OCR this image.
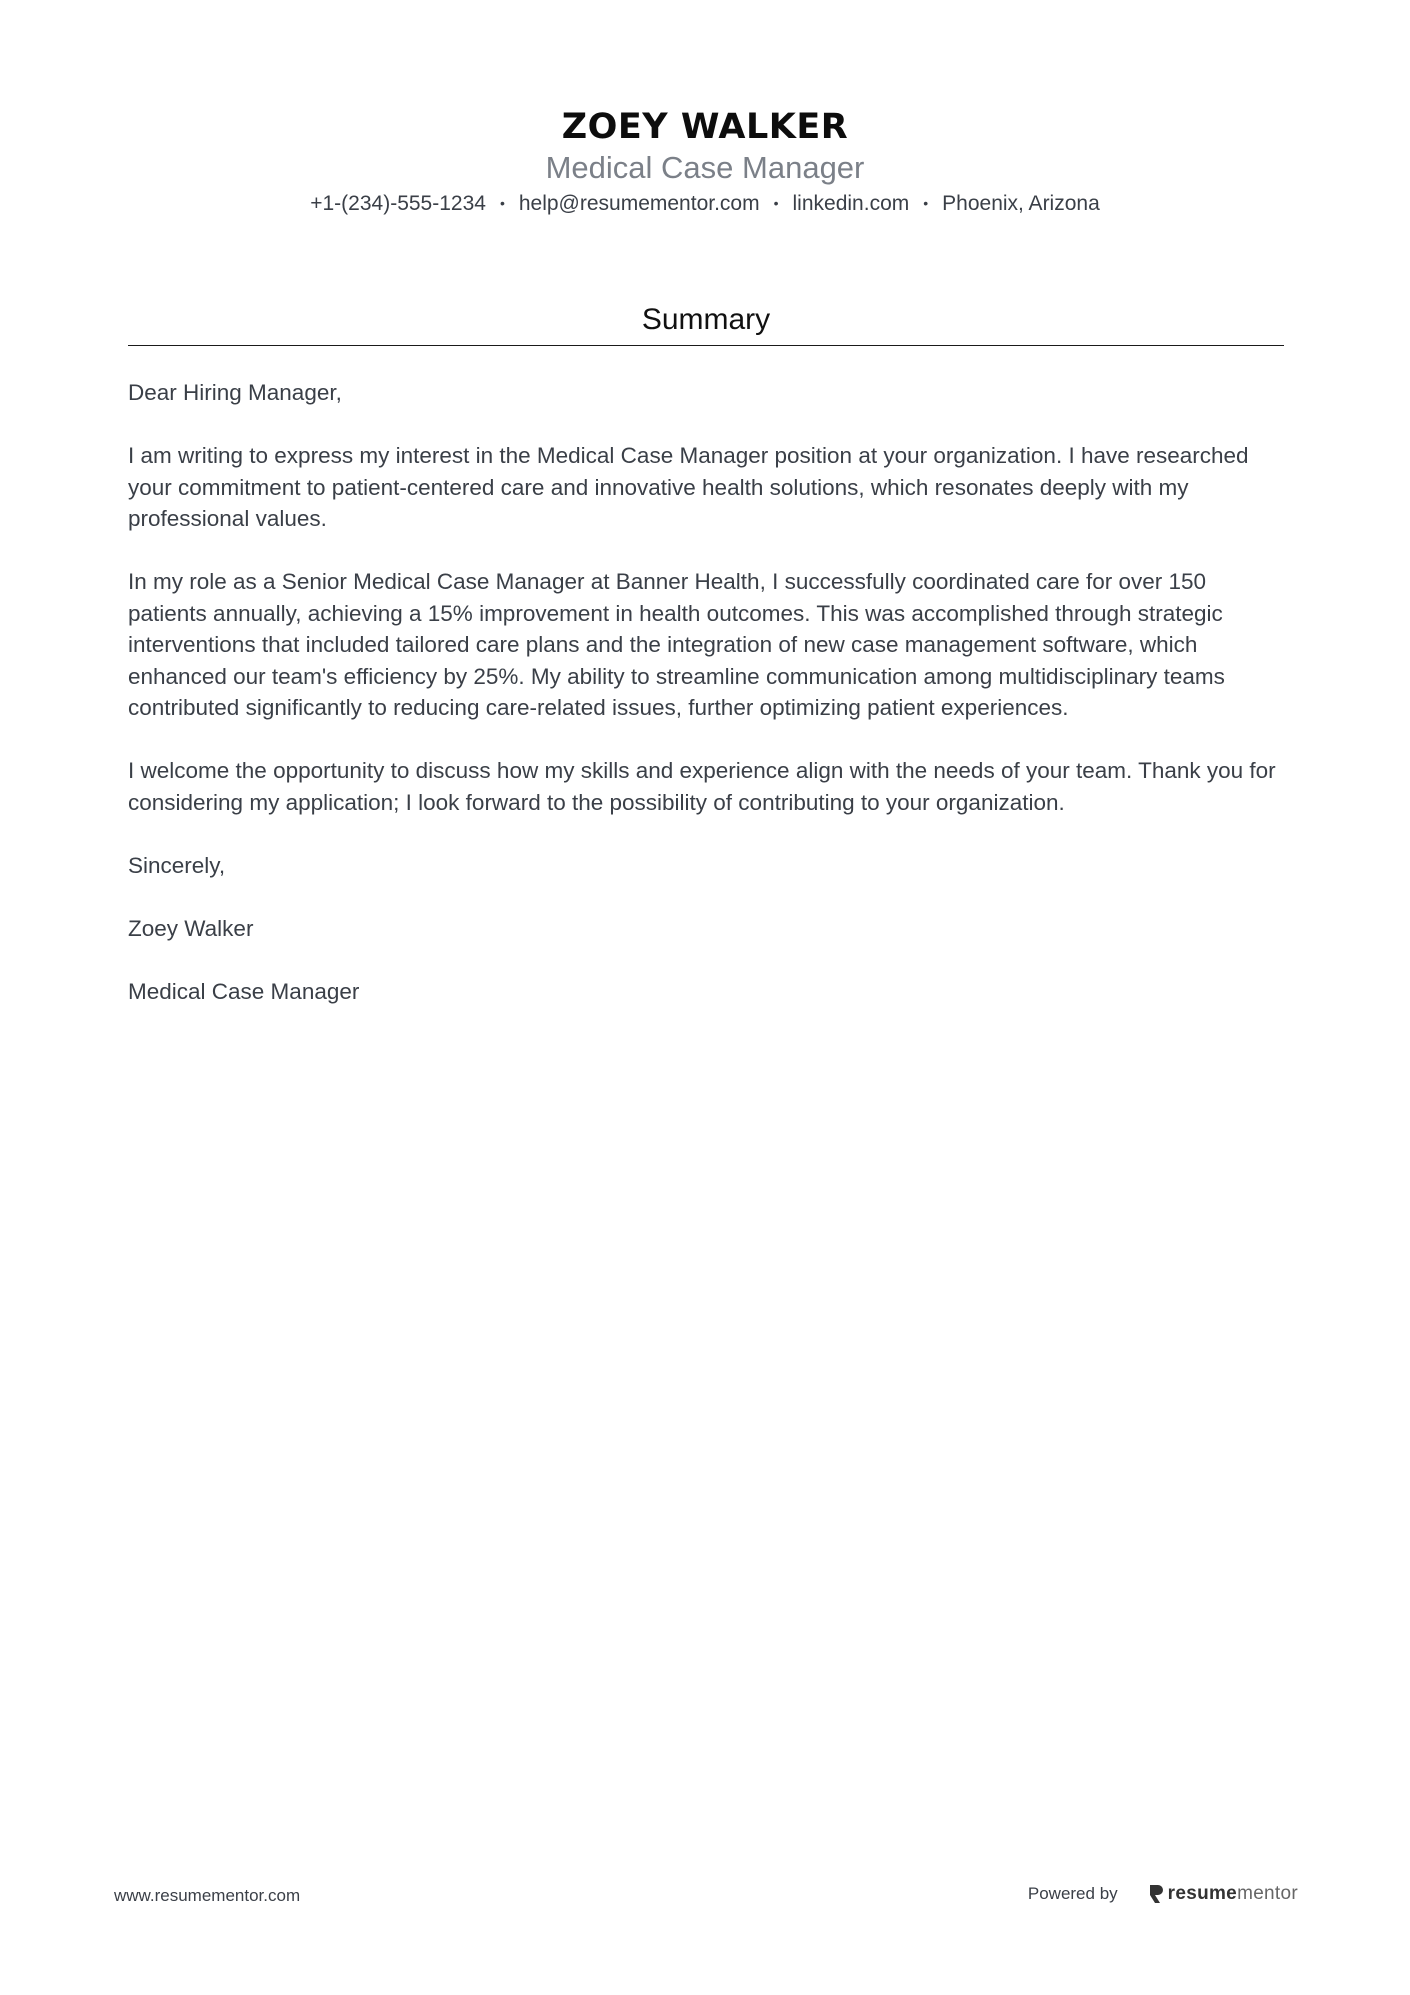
ZOEY WALKER
Medical Case Manager
+1-(234)-555-1234 • help@resumementor.com • linkedin.com • Phoenix, Arizona
Summary

Dear Hiring Manager,

I am writing to express my interest in the Medical Case Manager position at your organization. I have researched your commitment to patient-centered care and innovative health solutions, which resonates deeply with my professional values.

In my role as a Senior Medical Case Manager at Banner Health, I successfully coordinated care for over 150 patients annually, achieving a 15% improvement in health outcomes. This was accomplished through strategic interventions that included tailored care plans and the integration of new case management software, which enhanced our team's efficiency by 25%. My ability to streamline communication among multidisciplinary teams contributed significantly to reducing care-related issues, further optimizing patient experiences.

I welcome the opportunity to discuss how my skills and experience align with the needs of your team. Thank you for considering my application; I look forward to the possibility of contributing to your organization.

Sincerely,

Zoey Walker

Medical Case Manager

www.resumementor.com	Powered by	resume mentor
